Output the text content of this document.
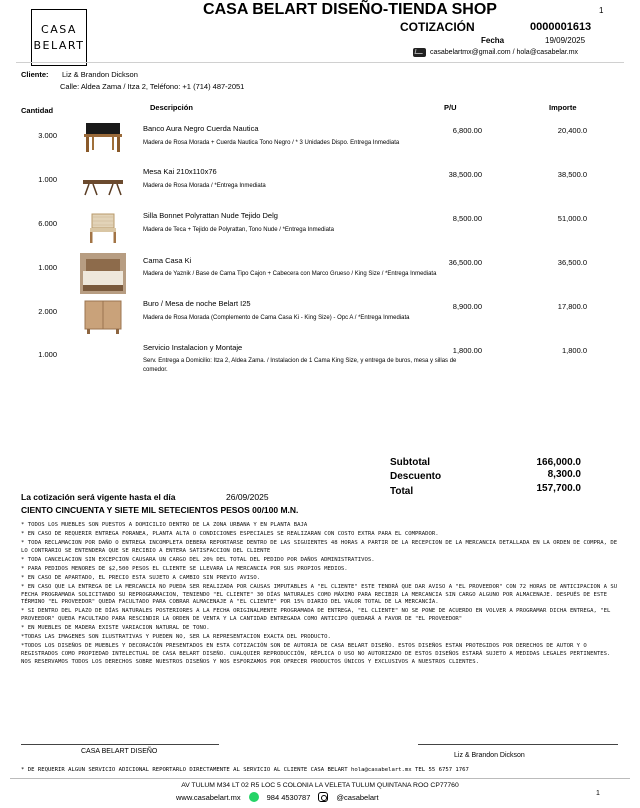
CASA
BELART
CASA BELART DISEÑO-TIENDA SHOP	1
COTIZACIÓN	0000001613
Fecha	19/09/2025
casabelartmx@gmail.com / hola@casabelar.mx
Cliente: Liz & Brandon Dickson
Calle: Aldea Zama / Itza 2, Teléfono: +1 (714) 487-2051
Cantidad	Descripción	P/U	Importe
3.000
Banco Aura Negro Cuerda Nautica
Madera de Rosa Morada + Cuerda Nautica Tono Negro / * 3 Unidades Dispo. Entrega Inmediata
6,800.00	20,400.0
1.000
Mesa Kai 210x110x76
Madera de Rosa Morada / *Entrega Inmediata
38,500.00	38,500.0
6.000
Silla Bonnet Polyrattan Nude Tejido Delg
Madera de Teca + Tejido de Polyrattan, Tono Nude / *Entrega Inmediata
8,500.00	51,000.0
1.000
Cama Casa Ki
Madera de Yaznik / Base de Cama Tipo Cajon + Cabecera con Marco Grueso / King Size / *Entrega Inmediata
36,500.00	36,500.0
2.000
Buro / Mesa de noche Belart I25
Madera de Rosa Morada (Complemento de Cama Casa Ki - King Size) - Opc A / *Entrega Inmediata
8,900.00	17,800.0
1.000
Servicio Instalacion y Montaje
Serv. Entrega a Domicilio: Itza 2, Aldea Zama. / Instalacion de 1 Cama King Size, y entrega de buros, mesa y sillas de comedor.
1,800.00	1,800.0
Subtotal	166,000.0
Descuento	8,300.0
Total	157,700.0
La cotización será vigente hasta el día	26/09/2025
CIENTO CINCUENTA Y SIETE MIL SETECIENTOS PESOS 00/100 M.N.

* TODOS LOS MUEBLES SON PUESTOS A DOMICILIO DENTRO DE LA ZONA URBANA Y EN PLANTA BAJA

* EN CASO DE REQUERIR ENTREGA FORANEA, PLANTA ALTA O CONDICIONES ESPECIALES SE REALIZARAN CON COSTO EXTRA PARA EL COMPRADOR.

* TODA RECLAMACION POR DAÑO O ENTREGA INCOMPLETA DEBERA REPORTARSE DENTRO DE LAS SIGUIENTES 48 HORAS A PARTIR DE LA RECEPCION DE LA MERCANCIA DETALLADA EN LA ORDEN DE COMPRA, DE LO CONTRARIO SE ENTENDERA QUE SE RECIBIO A ENTERA SATISFACCION DEL CLIENTE

* TODA CANCELACION SIN EXCEPCION CAUSARA UN CARGO DEL 20% DEL TOTAL DEL PEDIDO POR DAÑOS ADMINISTRATIVOS.

* PARA PEDIDOS MENORES DE $2,500 PESOS EL CLIENTE SE LLEVARA LA MERCANCIA POR SUS PROPIOS MEDIOS.

* EN CASO DE APARTADO, EL PRECIO ESTA SUJETO A CAMBIO SIN PREVIO AVISO.

* EN CASO QUE LA ENTREGA DE LA MERCANCIA NO PUEDA SER REALIZADA POR CAUSAS IMPUTABLES A "EL CLIENTE" ESTE TENDRÁ QUE DAR AVISO A "EL PROVEEDOR" CON 72 HORAS DE ANTICIPACION A SU FECHA PROGRAMADA SOLICITANDO SU REPROGRAMACION, TENIENDO "EL CLIENTE" 30 DÍAS NATURALES COMO MÁXIMO PARA RECIBIR LA MERCANCIA SIN CARGO ALGUNO POR ALMACENAJE. DESPUÉS DE ESTE TÉRMINO "EL PROVEEDOR" QUEDA FACULTADO PARA COBRAR ALMACENAJE A "EL CLIENTE" POR 15% DIARIO DEL VALOR TOTAL DE LA MERCANCÍA.

* SI DENTRO DEL PLAZO DE DÍAS NATURALES POSTERIORES A LA FECHA ORIGINALMENTE PROGRAMADA DE ENTREGA, "EL CLIENTE" NO SE PONE DE ACUERDO EN VOLVER A PROGRAMAR DICHA ENTREGA, "EL PROVEEDOR" QUEDA FACULTADO PARA RESCINDIR LA ORDEN DE VENTA Y LA CANTIDAD ENTREGADA COMO ANTICIPO QUEDARÁ A FAVOR DE "EL PROVEEDOR"

* EN MUEBLES DE MADERA EXISTE VARIACION NATURAL DE TONO.

*TODAS LAS IMAGENES SON ILUSTRATIVAS Y PUEDEN NO, SER LA REPRESENTACION EXACTA DEL PRODUCTO.

*TODOS LOS DISEÑOS DE MUEBLES Y DECORACIÓN PRESENTADOS EN ESTA COTIZACIÓN SON DE AUTORIA DE CASA BELART DISEÑO. ESTOS DISEÑOS ESTAN PROTEGIDOS POR DERECHOS DE AUTOR Y O REGISTRADOS COMO PROPIEDAD INTELECTUAL DE CASA BELART DISEÑO. CUALQUIER REPRODUCCIÓN, RÉPLICA O USO NO AUTORIZADO DE ESTOS DISEÑOS ESTARÁ SUJETO A MEDIDAS LEGALES PERTINENTES. NOS RESERVAMOS TODOS LOS DERECHOS SOBRE NUESTROS DISEÑOS Y NOS ESFORZAMOS POR OFRECER PRODUCTOS ÚNICOS Y EXCLUSIVOS A NUESTROS CLIENTES.

CASA BELART DISEÑO
Liz & Brandon Dickson
* DE REQUERIR ALGUN SERVICIO ADICIONAL REPORTARLO DIRECTAMENTE AL SERVICIO AL CLIENTE CASA BELART hola@casabelart.mx TEL 55 6757 1767
AV TULUM M34 LT 02 R5 LOC 5 COLONIA LA VELETA TULUM QUINTANA ROO CP77760
www.casabelart.mx	984 4530787	@casabelart	1
